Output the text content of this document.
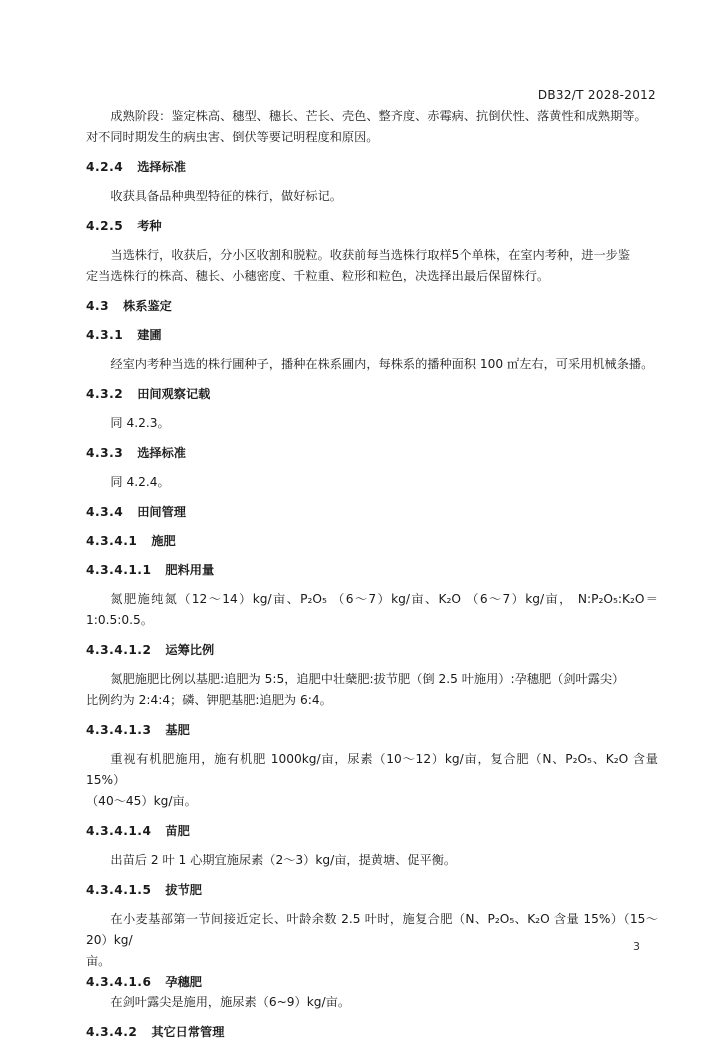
DB32/T 2028-2012

成熟阶段：鉴定株高、穗型、穗长、芒长、壳色、整齐度、赤霉病、抗倒伏性、落黄性和成熟期等。

对不同时期发生的病虫害、倒伏等要记明程度和原因。

4.2.4 选择标准

收获具备品种典型特征的株行，做好标记。

4.2.5 考种

当选株行，收获后，分小区收割和脱粒。收获前每当选株行取样5个单株，在室内考种，进一步鉴

定当选株行的株高、穗长、小穗密度、千粒重、粒形和粒色，决选择出最后保留株行。

4.3 株系鉴定
4.3.1 建圃

经室内考种当选的株行圃种子，播种在株系圃内，每株系的播种面积 100 ㎡左右，可采用机械条播。

4.3.2 田间观察记载

同 4.2.3。

4.3.3 选择标准

同 4.2.4。

4.3.4 田间管理
4.3.4.1 施肥
4.3.4.1.1 肥料用量

氮肥施纯氮（12～14）kg/亩、P₂O₅ （6～7）kg/亩、K₂O （6～7）kg/亩， N:P₂O₅:K₂O＝1:0.5:0.5。

4.3.4.1.2 运筹比例

氮肥施肥比例以基肥:追肥为 5:5，追肥中壮蘖肥:拔节肥（倒 2.5 叶施用）:孕穗肥（剑叶露尖）

比例约为 2:4:4；磷、钾肥基肥:追肥为 6:4。

4.3.4.1.3 基肥

重视有机肥施用，施有机肥 1000kg/亩，尿素（10～12）kg/亩，复合肥（N、P₂O₅、K₂O 含量 15%）

（40～45）kg/亩。

4.3.4.1.4 苗肥

出苗后 2 叶 1 心期宜施尿素（2～3）kg/亩，提黄塘、促平衡。

4.3.4.1.5 拔节肥

在小麦基部第一节间接近定长、叶龄余数 2.5 叶时，施复合肥（N、P₂O₅、K₂O 含量 15%）（15～20）kg/

亩。

4.3.4.1.6 孕穗肥

在剑叶露尖是施用，施尿素（6~9）kg/亩。

4.3.4.2 其它日常管理
3
